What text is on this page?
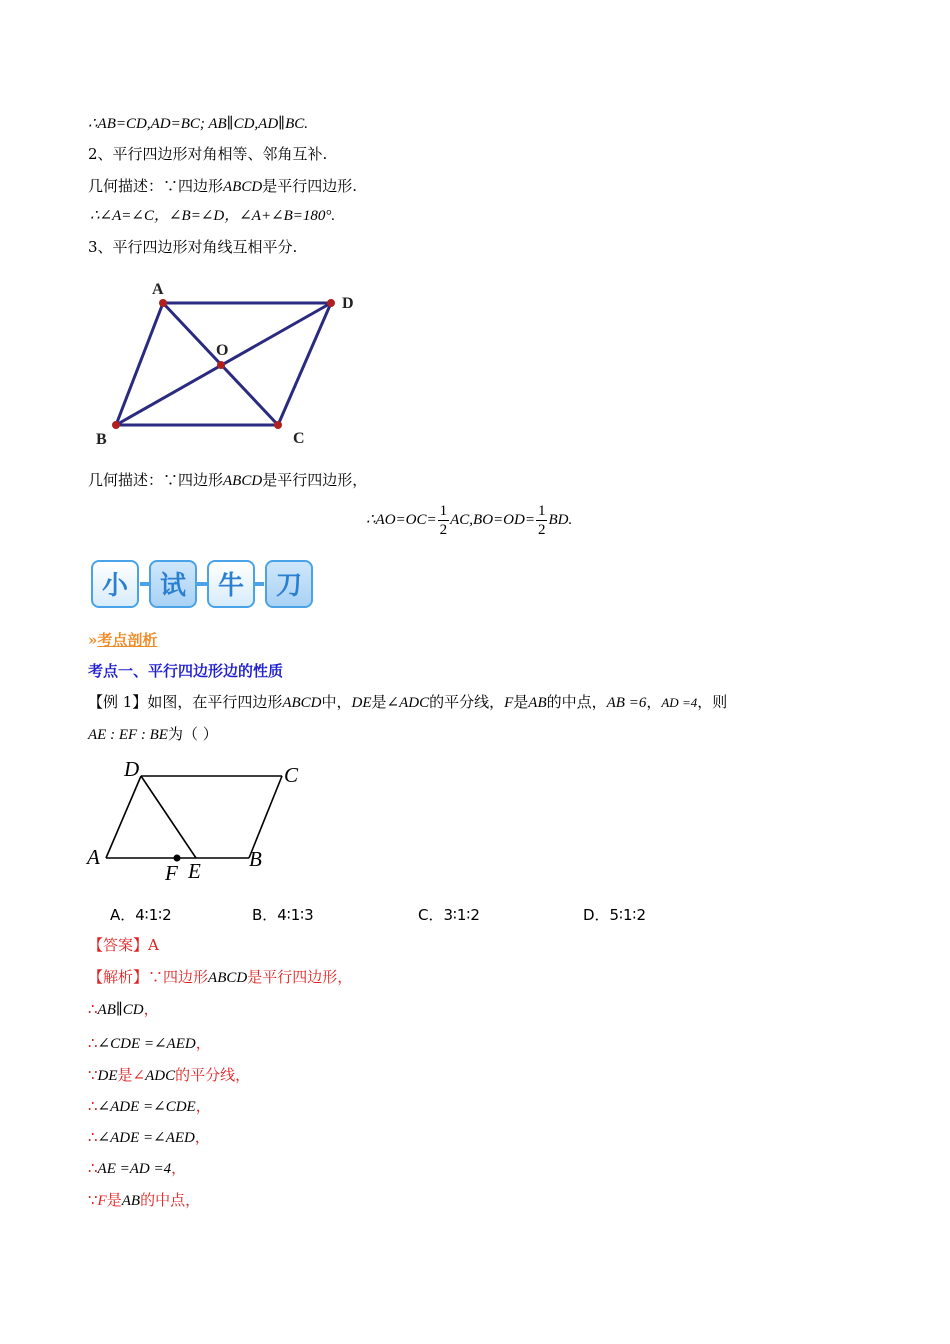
∴AB=CD,AD=BC; AB∥CD,AD∥BC.
2、平行四边形对角相等、邻角互补.
几何描述：∵四边形ABCD是平行四边形.
∴∠A=∠C，∠B=∠D，∠A+∠B=180°.
3、平行四边形对角线互相平分.
A
D
O
B	C
几何描述：∵四边形ABCD是平行四边形，
∴AO=OC= $\frac{1}{2} AC,BO=OD= \frac{1}{2}$ BD.
小	试	牛	刀
»考点剖析
考点一、平行四边形边的性质
【例 1】如图，在平行四边形ABCD中，DE是∠ADC的平分线，F是AB的中点，AB =6，AD =4，则
AE : EF : BE为（ ）
D	C
A
F E B
A．4∶1∶2	B．4∶1∶3	C．3∶1∶2	D．5∶1∶2
【答案】A
【解析】∵四边形ABCD是平行四边形，
∴AB∥CD，
∴∠CDE =∠AED，
∵DE是∠ADC的平分线，
∴∠ADE =∠CDE，
∴∠ADE =∠AED，
∴AE =AD =4，
∵F是AB的中点，
